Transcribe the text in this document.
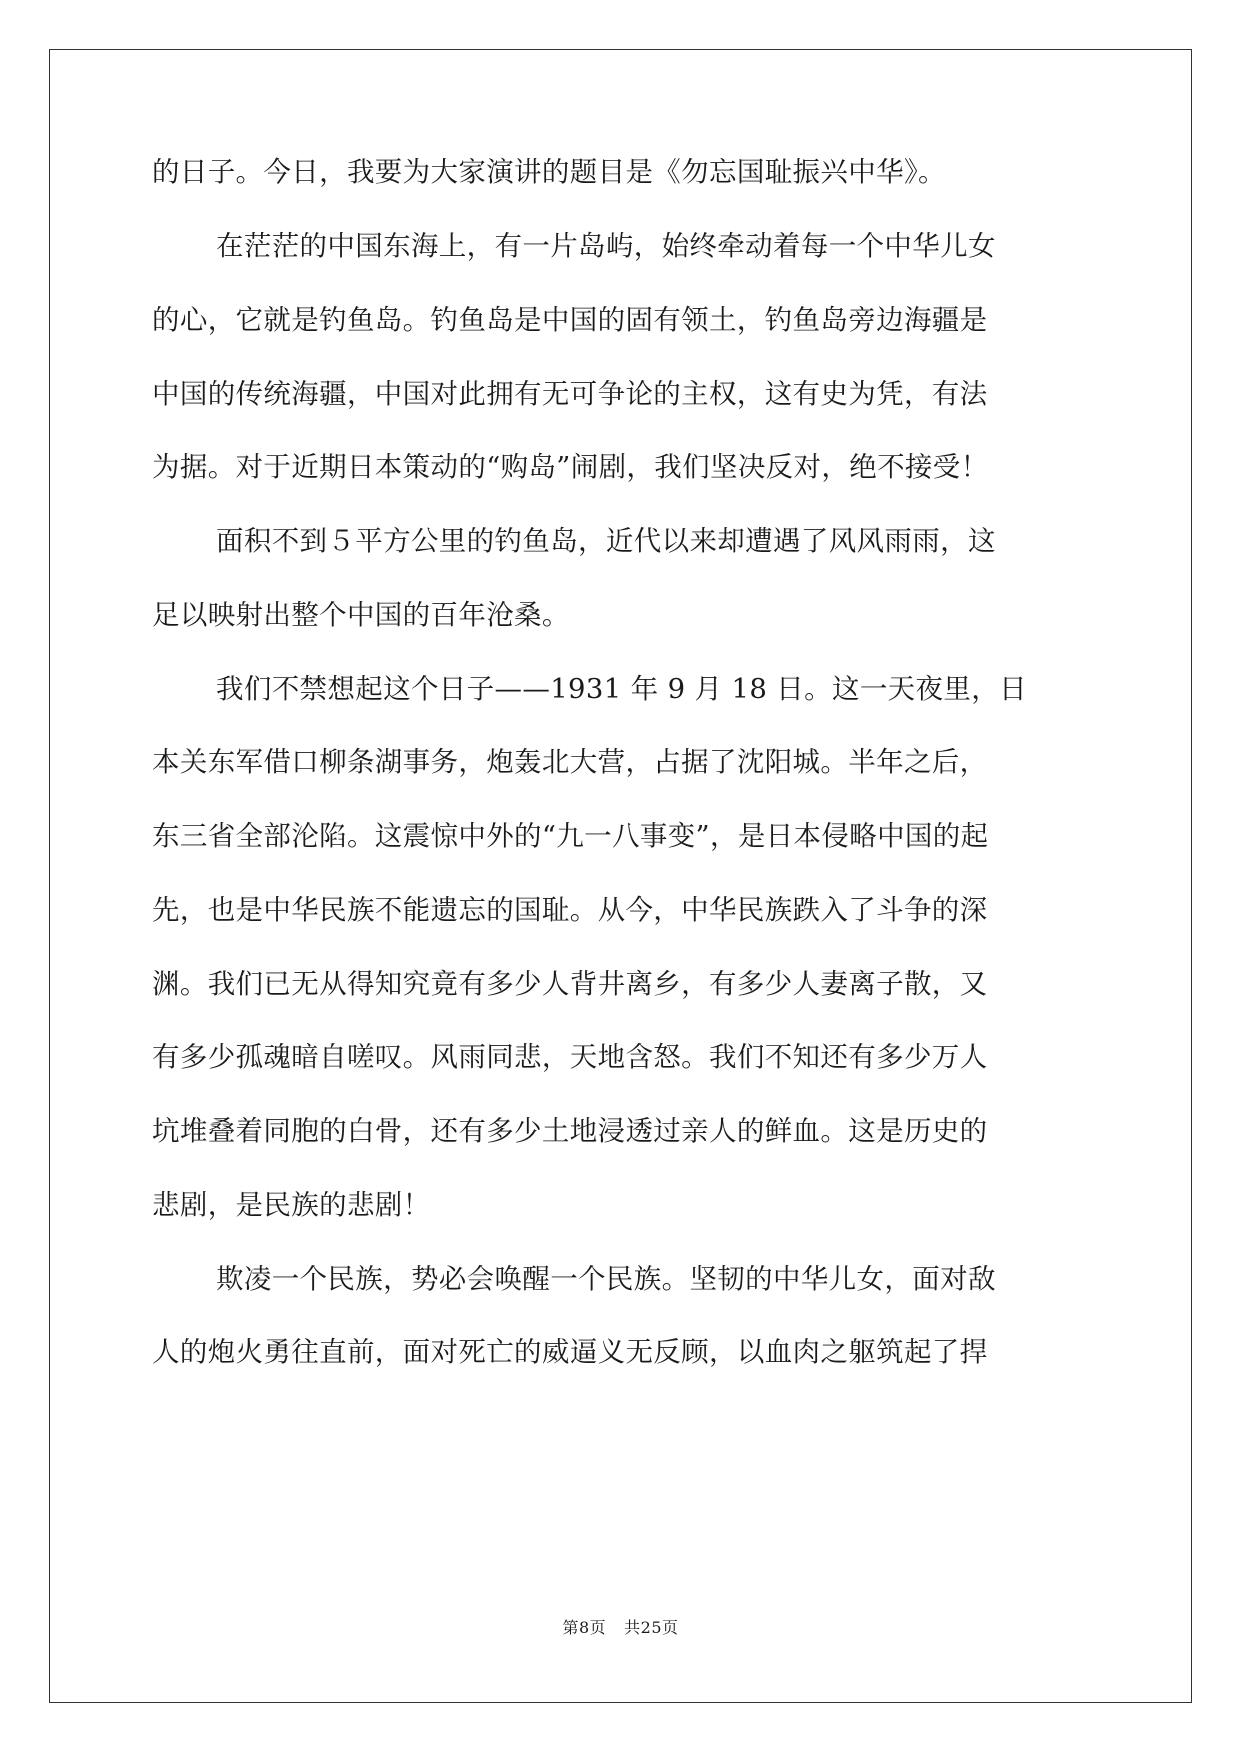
的日子。今日，我要为大家演讲的题目是《勿忘国耻振兴中华》。
在茫茫的中国东海上，有一片岛屿，始终牵动着每一个中华儿女
的心，它就是钓鱼岛。钓鱼岛是中国的固有领土，钓鱼岛旁边海疆是
中国的传统海疆，中国对此拥有无可争论的主权，这有史为凭，有法
为据。对于近期日本策动的“购岛”闹剧，我们坚决反对，绝不接受！
面积不到５平方公里的钓鱼岛，近代以来却遭遇了风风雨雨，这
足以映射出整个中国的百年沧桑。
我们不禁想起这个日子——1931 年 9 月 18 日。这一天夜里，日
本关东军借口柳条湖事务，炮轰北大营，占据了沈阳城。半年之后，
东三省全部沦陷。这震惊中外的“九一八事变”，是日本侵略中国的起
先，也是中华民族不能遗忘的国耻。从今，中华民族跌入了斗争的深
渊。我们已无从得知究竟有多少人背井离乡，有多少人妻离子散，又
有多少孤魂暗自嗟叹。风雨同悲，天地含怒。我们不知还有多少万人
坑堆叠着同胞的白骨，还有多少土地浸透过亲人的鲜血。这是历史的
悲剧，是民族的悲剧！
欺凌一个民族，势必会唤醒一个民族。坚韧的中华儿女，面对敌
人的炮火勇往直前，面对死亡的威逼义无反顾，以血肉之躯筑起了捍
第8页 共25页
